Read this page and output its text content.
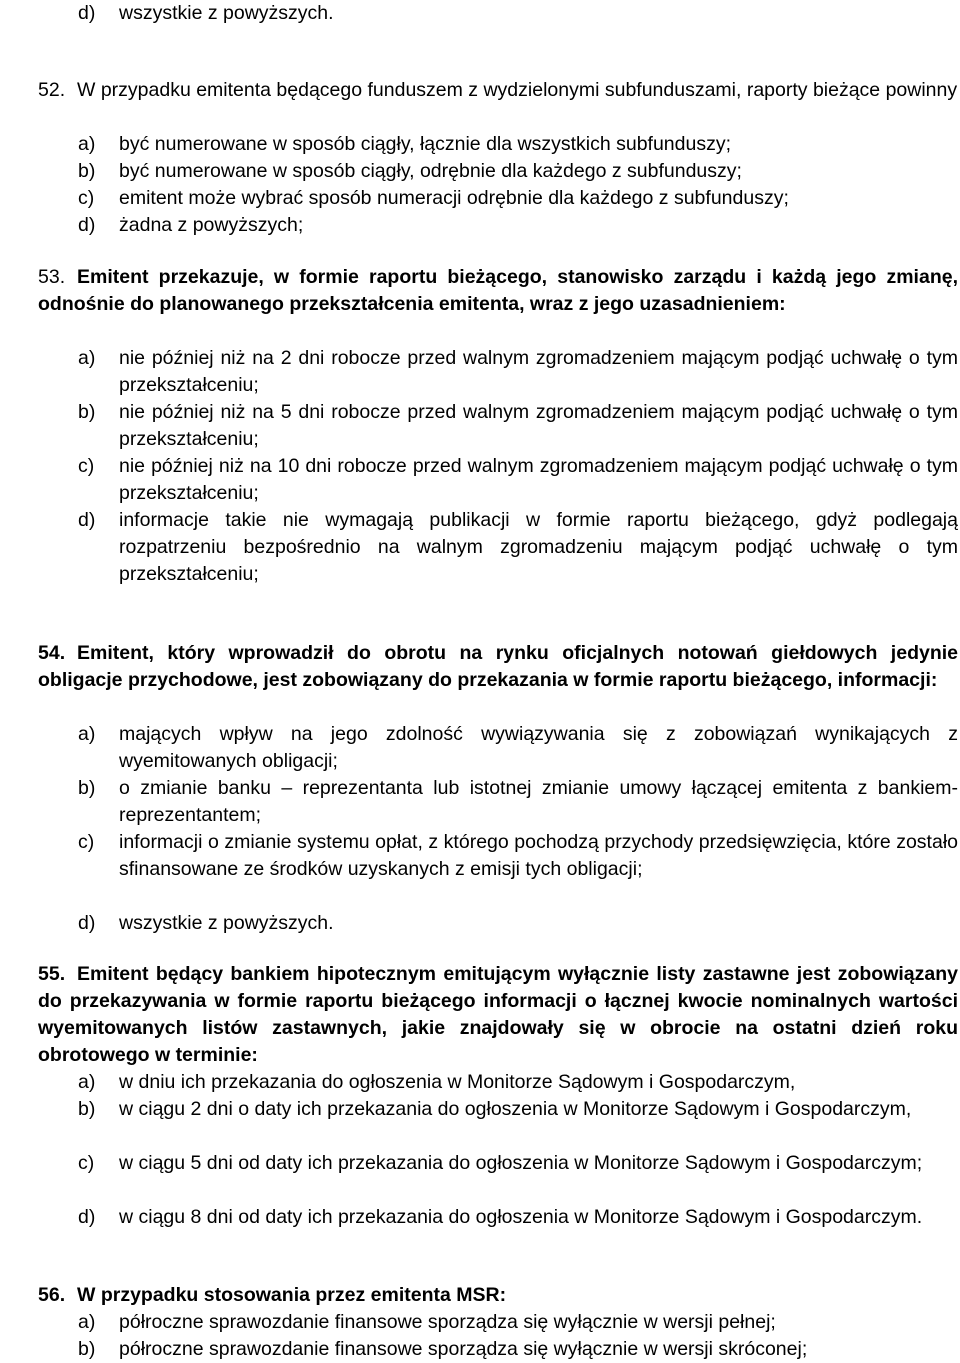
d) wszystkie z powyższych.
52. W przypadku emitenta będącego funduszem z wydzielonymi subfunduszami, raporty bieżące powinny
a) być numerowane w sposób ciągły, łącznie dla wszystkich subfunduszy;
b) być numerowane w sposób ciągły, odrębnie dla każdego z subfunduszy;
c) emitent może wybrać sposób numeracji odrębnie dla każdego z subfunduszy;
d) żadna z powyższych;
53. Emitent przekazuje, w formie raportu bieżącego, stanowisko zarządu i każdą jego zmianę, odnośnie do planowanego przekształcenia emitenta, wraz z jego uzasadnieniem:
a) nie później niż na 2 dni robocze przed walnym zgromadzeniem mającym podjąć uchwałę o tym przekształceniu;
b) nie później niż na 5 dni robocze przed walnym zgromadzeniem mającym podjąć uchwałę o tym przekształceniu;
c) nie później niż na 10 dni robocze przed walnym zgromadzeniem mającym podjąć uchwałę o tym przekształceniu;
d) informacje takie nie wymagają publikacji w formie raportu bieżącego, gdyż podlegają rozpatrzeniu bezpośrednio na walnym zgromadzeniu mającym podjąć uchwałę o tym przekształceniu;
54. Emitent, który wprowadził do obrotu na rynku oficjalnych notowań giełdowych jedynie obligacje przychodowe, jest zobowiązany do przekazania w formie raportu bieżącego, informacji:
a) mających wpływ na jego zdolność wywiązywania się z zobowiązań wynikających z wyemitowanych obligacji;
b) o zmianie banku – reprezentanta lub istotnej zmianie umowy łączącej emitenta z bankiem- reprezentantem;
c) informacji o zmianie systemu opłat, z którego pochodzą przychody przedsięwzięcia, które zostało sfinansowane ze środków uzyskanych z emisji tych obligacji;
d) wszystkie z powyższych.
55. Emitent będący bankiem hipotecznym emitującym wyłącznie listy zastawne jest zobowiązany do przekazywania w formie raportu bieżącego informacji o łącznej kwocie nominalnych wartości wyemitowanych listów zastawnych, jakie znajdowały się w obrocie na ostatni dzień roku obrotowego w terminie:
a) w dniu ich przekazania do ogłoszenia w Monitorze Sądowym i Gospodarczym,
b) w ciągu 2 dni o daty ich przekazania do ogłoszenia w Monitorze Sądowym i Gospodarczym,
c) w ciągu 5 dni od daty ich przekazania do ogłoszenia w Monitorze Sądowym i Gospodarczym;
d) w ciągu 8 dni od daty ich przekazania do ogłoszenia w Monitorze Sądowym i Gospodarczym.
56. W przypadku stosowania przez emitenta MSR:
a) półroczne sprawozdanie finansowe sporządza się wyłącznie w wersji pełnej;
b) półroczne sprawozdanie finansowe sporządza się wyłącznie w wersji skróconej;
